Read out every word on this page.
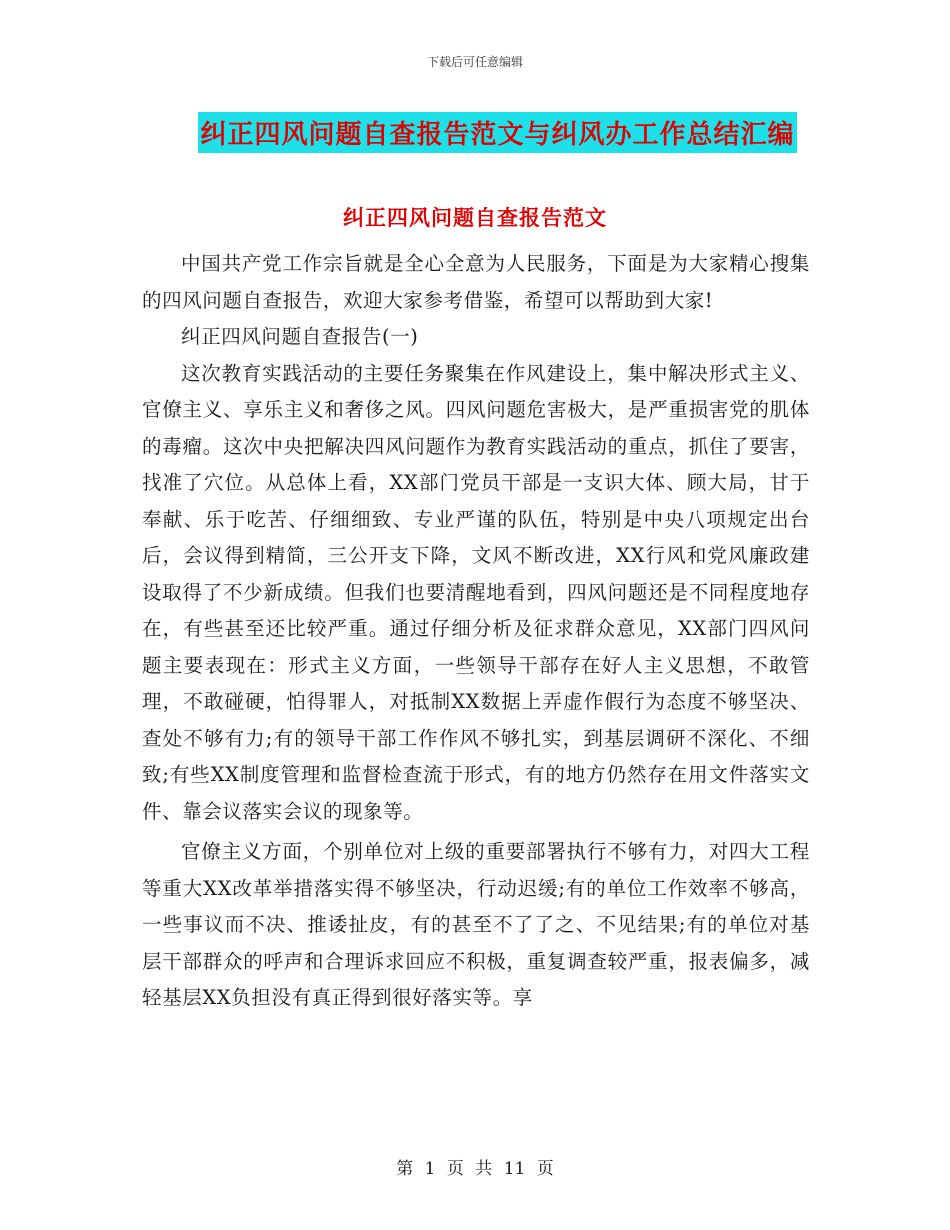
下载后可任意编辑
纠正四风问题自查报告范文与纠风办工作总结汇编
纠正四风问题自查报告范文

中国共产党工作宗旨就是全心全意为人民服务，下面是为大家精心搜集的四风问题自查报告，欢迎大家参考借鉴，希望可以帮助到大家!

纠正四风问题自查报告(一)

这次教育实践活动的主要任务聚集在作风建设上，集中解决形式主义、官僚主义、享乐主义和奢侈之风。四风问题危害极大，是严重损害党的肌体的毒瘤。这次中央把解决四风问题作为教育实践活动的重点，抓住了要害，找准了穴位。从总体上看，XX部门党员干部是一支识大体、顾大局，甘于奉献、乐于吃苦、仔细细致、专业严谨的队伍，特别是中央八项规定出台后，会议得到精简，三公开支下降，文风不断改进，XX行风和党风廉政建设取得了不少新成绩。但我们也要清醒地看到，四风问题还是不同程度地存在，有些甚至还比较严重。通过仔细分析及征求群众意见，XX部门四风问题主要表现在：形式主义方面，一些领导干部存在好人主义思想，不敢管理，不敢碰硬，怕得罪人，对抵制XX数据上弄虚作假行为态度不够坚决、查处不够有力;有的领导干部工作作风不够扎实，到基层调研不深化、不细致;有些XX制度管理和监督检查流于形式，有的地方仍然存在用文件落实文件、靠会议落实会议的现象等。

官僚主义方面，个别单位对上级的重要部署执行不够有力，对四大工程等重大XX改革举措落实得不够坚决，行动迟缓;有的单位工作效率不够高，一些事议而不决、推诿扯皮，有的甚至不了了之、不见结果;有的单位对基层干部群众的呼声和合理诉求回应不积极，重复调查较严重，报表偏多，减轻基层XX负担没有真正得到很好落实等。享

第 1 页 共 11 页
